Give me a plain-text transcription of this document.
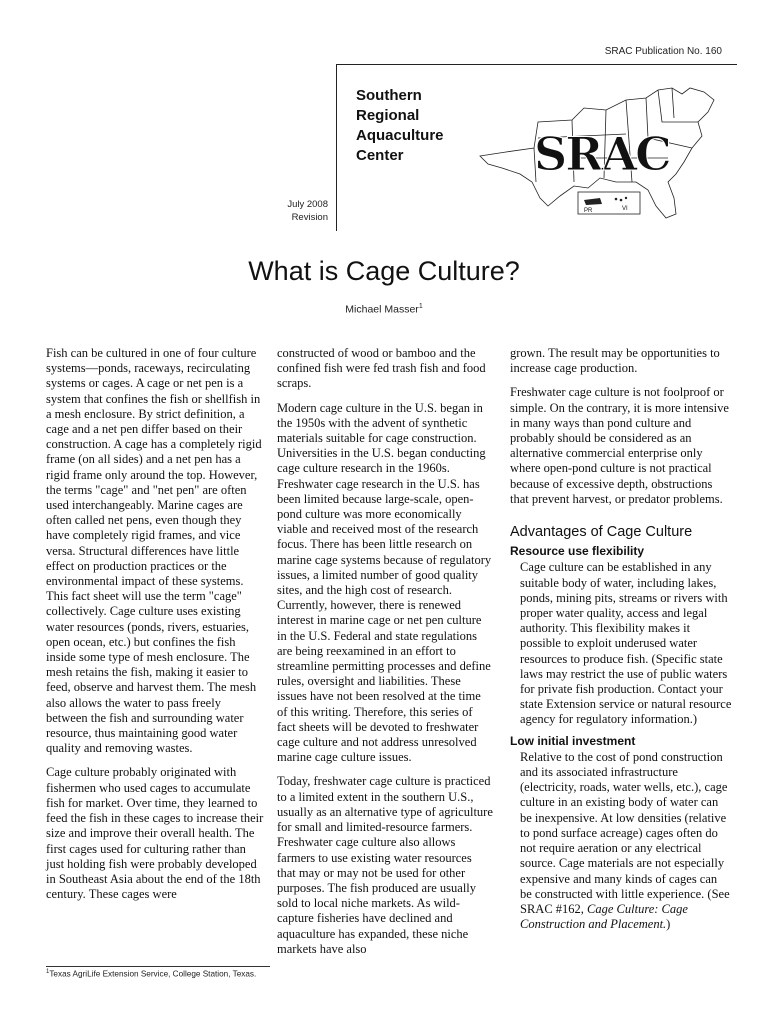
SRAC Publication No. 160
Southern
Regional
Aquaculture
Center
July 2008
Revision
SRAC
PR	VI
What is Cage Culture?
Michael Masser$^1$

Fish can be cultured in one of four culture systems—ponds, raceways, recirculating systems or cages. A cage or net pen is a system that confines the fish or shellfish in a mesh enclosure. By strict definition, a cage and a net pen differ based on their construction. A cage has a completely rigid frame (on all sides) and a net pen has a rigid frame only around the top. However, the terms "cage" and "net pen" are often used interchangeably. Marine cages are often called net pens, even though they have completely rigid frames, and vice versa. Structural differences have little effect on production practices or the environmental impact of these systems. This fact sheet will use the term "cage" collectively. Cage culture uses existing water resources (ponds, rivers, estuaries, open ocean, etc.) but confines the fish inside some type of mesh enclosure. The mesh retains the fish, making it easier to feed, observe and harvest them. The mesh also allows the water to pass freely between the fish and surrounding water resource, thus maintaining good water quality and removing wastes.

Cage culture probably originated with fishermen who used cages to accumulate fish for market. Over time, they learned to feed the fish in these cages to increase their size and improve their overall health. The first cages used for culturing rather than just holding fish were probably developed in Southeast Asia about the end of the 18th century. These cages were

constructed of wood or bamboo and the confined fish were fed trash fish and food scraps.

Modern cage culture in the U.S. began in the 1950s with the advent of synthetic materials suitable for cage construction. Universities in the U.S. began conducting cage culture research in the 1960s. Freshwater cage research in the U.S. has been limited because large-scale, open-pond culture was more economically viable and received most of the research focus. There has been little research on marine cage systems because of regulatory issues, a limited number of good quality sites, and the high cost of research. Currently, however, there is renewed interest in marine cage or net pen culture in the U.S. Federal and state regulations are being reexamined in an effort to streamline permitting processes and define rules, oversight and liabilities. These issues have not been resolved at the time of this writing. Therefore, this series of fact sheets will be devoted to freshwater cage culture and not address unresolved marine cage culture issues.

Today, freshwater cage culture is practiced to a limited extent in the southern U.S., usually as an alternative type of agriculture for small and limited-resource farmers. Freshwater cage culture also allows farmers to use existing water resources that may or may not be used for other purposes. The fish produced are usually sold to local niche markets. As wild-capture fisheries have declined and aquaculture has expanded, these niche markets have also

grown. The result may be opportunities to increase cage production.

Freshwater cage culture is not foolproof or simple. On the contrary, it is more intensive in many ways than pond culture and probably should be considered as an alternative commercial enterprise only where open-pond culture is not practical because of excessive depth, obstructions that prevent harvest, or predator problems.

Advantages of Cage Culture
Resource use flexibility

Cage culture can be established in any suitable body of water, including lakes, ponds, mining pits, streams or rivers with proper water quality, access and legal authority. This flexibility makes it possible to exploit underused water resources to produce fish. (Specific state laws may restrict the use of public waters for private fish production. Contact your state Extension service or natural resource agency for regulatory information.)

Low initial investment

Relative to the cost of pond construction and its associated infrastructure (electricity, roads, water wells, etc.), cage culture in an existing body of water can be inexpensive. At low densities (relative to pond surface acreage) cages often do not require aeration or any electrical source. Cage materials are not especially expensive and many kinds of cages can be constructed with little experience. (See SRAC #162, Cage Culture: Cage Construction and Placement.)

$^1$Texas AgriLife Extension Service, College Station, Texas.
